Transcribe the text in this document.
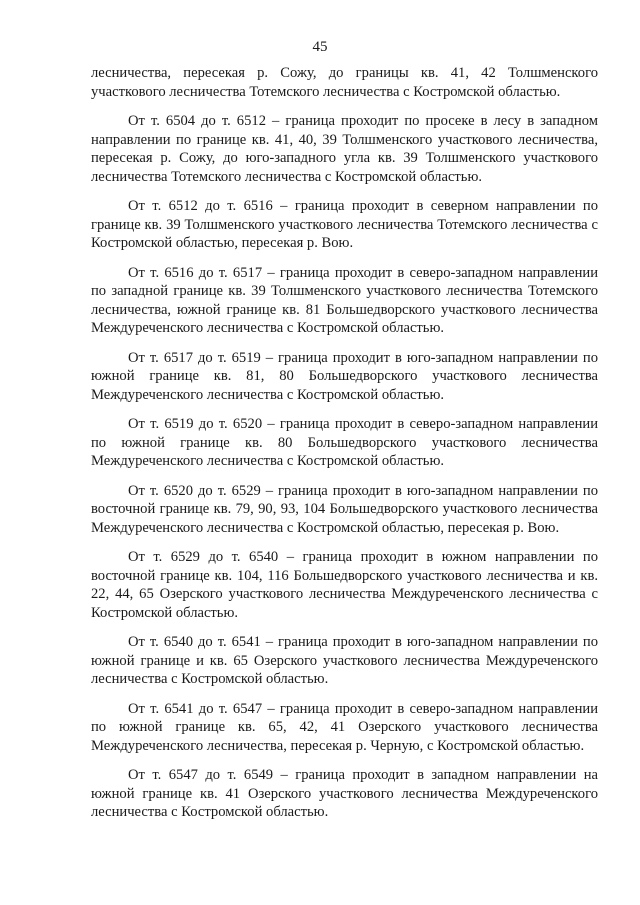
45

лесничества, пересекая р. Сожу, до границы кв. 41, 42 Толшменского участкового лесничества Тотемского лесничества с Костромской областью.

От т. 6504 до т. 6512 – граница проходит по просеке в лесу в западном направлении по границе кв. 41, 40, 39 Толшменского участкового лесничества, пересекая р. Сожу, до юго-западного угла кв. 39 Толшменского участкового лесничества Тотемского лесничества с Костромской областью.

От т. 6512 до т. 6516 – граница проходит в северном направлении по границе кв. 39 Толшменского участкового лесничества Тотемского лесничества с Костромской областью, пересекая р. Вою.

От т. 6516 до т. 6517 – граница проходит в северо-западном направлении по западной границе кв. 39 Толшменского участкового лесничества Тотемского лесничества, южной границе кв. 81 Большедворского участкового лесничества Междуреченского лесничества с Костромской областью.

От т. 6517 до т. 6519 – граница проходит в юго-западном направлении по южной границе кв. 81, 80 Большедворского участкового лесничества Междуреченского лесничества с Костромской областью.

От т. 6519 до т. 6520 – граница проходит в северо-западном направлении по южной границе кв. 80 Большедворского участкового лесничества Междуреченского лесничества с Костромской областью.

От т. 6520 до т. 6529 – граница проходит в юго-западном направлении по восточной границе кв. 79, 90, 93, 104 Большедворского участкового лесничества Междуреченского лесничества с Костромской областью, пересекая р. Вою.

От т. 6529 до т. 6540 – граница проходит в южном направлении по восточной границе кв. 104, 116 Большедворского участкового лесничества и кв. 22, 44, 65 Озерского участкового лесничества Междуреченского лесничества с Костромской областью.

От т. 6540 до т. 6541 – граница проходит в юго-западном направлении по южной границе и кв. 65 Озерского участкового лесничества Междуреченского лесничества с Костромской областью.

От т. 6541 до т. 6547 – граница проходит в северо-западном направлении по южной границе кв. 65, 42, 41 Озерского участкового лесничества Междуреченского лесничества, пересекая р. Черную, с Костромской областью.

От т. 6547 до т. 6549 – граница проходит в западном направлении на южной границе кв. 41 Озерского участкового лесничества Междуреченского лесничества с Костромской областью.
